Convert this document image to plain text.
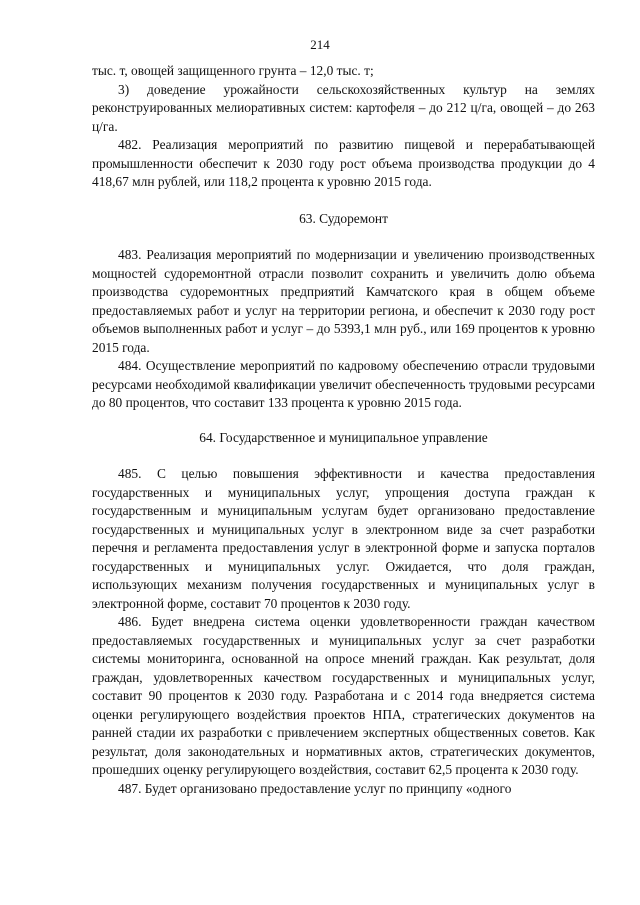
214

тыс. т, овощей защищенного грунта – 12,0 тыс. т;

3) доведение урожайности сельскохозяйственных культур на землях реконструированных мелиоративных систем: картофеля – до 212 ц/га, овощей – до 263 ц/га.

482. Реализация мероприятий по развитию пищевой и перерабатывающей промышленности обеспечит к 2030 году рост объема производства продукции до 4 418,67 млн рублей, или 118,2 процента к уровню 2015 года.

63. Судоремонт

483. Реализация мероприятий по модернизации и увеличению производственных мощностей судоремонтной отрасли позволит сохранить и увеличить долю объема производства судоремонтных предприятий Камчатского края в общем объеме предоставляемых работ и услуг на территории региона, и обеспечит к 2030 году рост объемов выполненных работ и услуг – до 5393,1 млн руб., или 169 процентов к уровню 2015 года.

484. Осуществление мероприятий по кадровому обеспечению отрасли трудовыми ресурсами необходимой квалификации увеличит обеспеченность трудовыми ресурсами до 80 процентов, что составит 133 процента к уровню 2015 года.

64. Государственное и муниципальное управление

485. С целью повышения эффективности и качества предоставления государственных и муниципальных услуг, упрощения доступа граждан к государственным и муниципальным услугам будет организовано предоставление государственных и муниципальных услуг в электронном виде за счет разработки перечня и регламента предоставления услуг в электронной форме и запуска порталов государственных и муниципальных услуг. Ожидается, что доля граждан, использующих механизм получения государственных и муниципальных услуг в электронной форме, составит 70 процентов к 2030 году.

486. Будет внедрена система оценки удовлетворенности граждан качеством предоставляемых государственных и муниципальных услуг за счет разработки системы мониторинга, основанной на опросе мнений граждан. Как результат, доля граждан, удовлетворенных качеством государственных и муниципальных услуг, составит 90 процентов к 2030 году. Разработана и с 2014 года внедряется система оценки регулирующего воздействия проектов НПА, стратегических документов на ранней стадии их разработки с привлечением экспертных общественных советов. Как результат, доля законодательных и нормативных актов, стратегических документов, прошедших оценку регулирующего воздействия, составит 62,5 процента к 2030 году.

487. Будет организовано предоставление услуг по принципу «одного
